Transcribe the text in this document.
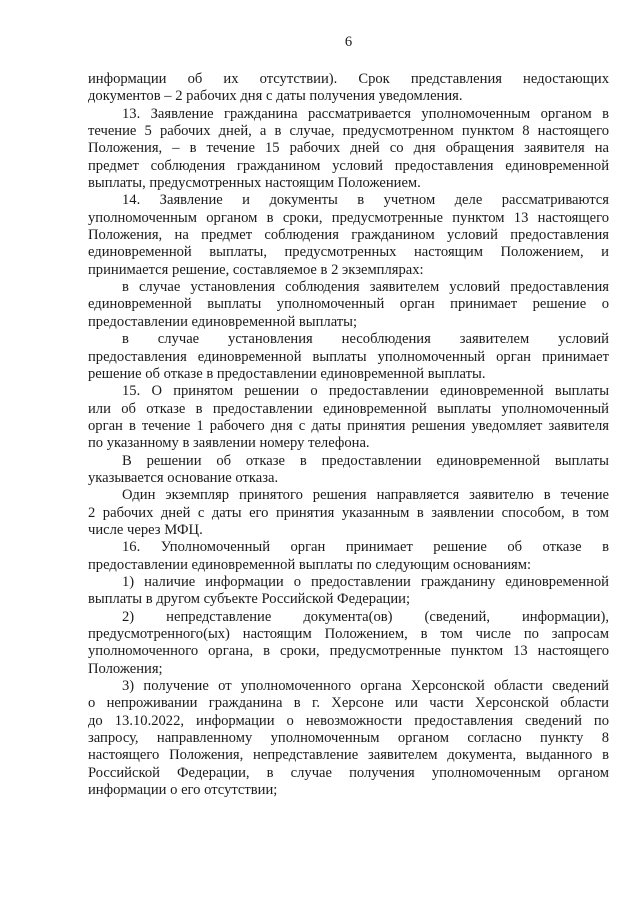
6
информации об их отсутствии). Срок представления недостающих
документов – 2 рабочих дня с даты получения уведомления.
13. Заявление гражданина рассматривается уполномоченным органом в
течение 5 рабочих дней, а в случае, предусмотренном пунктом 8 настоящего
Положения, – в течение 15 рабочих дней со дня обращения заявителя на
предмет соблюдения гражданином условий предоставления единовременной
выплаты, предусмотренных настоящим Положением.
14. Заявление и документы в учетном деле рассматриваются
уполномоченным органом в сроки, предусмотренные пунктом 13 настоящего
Положения, на предмет соблюдения гражданином условий предоставления
единовременной выплаты, предусмотренных настоящим Положением, и
принимается решение, составляемое в 2 экземплярах:
в случае установления соблюдения заявителем условий предоставления
единовременной выплаты уполномоченный орган принимает решение о
предоставлении единовременной выплаты;
в случае установления несоблюдения заявителем условий
предоставления единовременной выплаты уполномоченный орган принимает
решение об отказе в предоставлении единовременной выплаты.
15. О принятом решении о предоставлении единовременной выплаты
или об отказе в предоставлении единовременной выплаты уполномоченный
орган в течение 1 рабочего дня с даты принятия решения уведомляет заявителя
по указанному в заявлении номеру телефона.
В решении об отказе в предоставлении единовременной выплаты
указывается основание отказа.
Один экземпляр принятого решения направляется заявителю в течение
2 рабочих дней с даты его принятия указанным в заявлении способом, в том
числе через МФЦ.
16. Уполномоченный орган принимает решение об отказе в
предоставлении единовременной выплаты по следующим основаниям:
1) наличие информации о предоставлении гражданину единовременной
выплаты в другом субъекте Российской Федерации;
2) непредставление документа(ов) (сведений, информации),
предусмотренного(ых) настоящим Положением, в том числе по запросам
уполномоченного органа, в сроки, предусмотренные пунктом 13 настоящего
Положения;
3) получение от уполномоченного органа Херсонской области сведений
о непроживании гражданина в г. Херсоне или части Херсонской области
до 13.10.2022, информации о невозможности предоставления сведений по
запросу, направленному уполномоченным органом согласно пункту 8
настоящего Положения, непредставление заявителем документа, выданного в
Российской Федерации, в случае получения уполномоченным органом
информации о его отсутствии;
